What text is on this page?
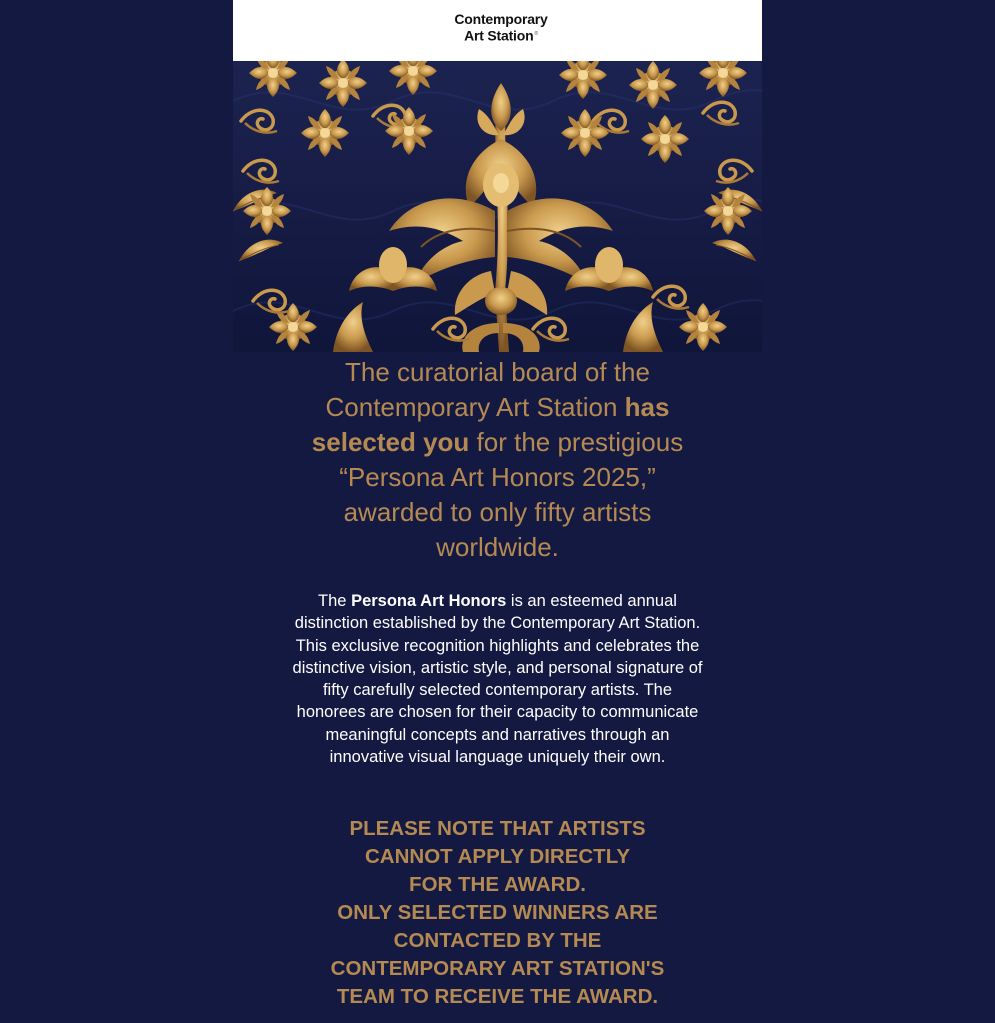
Contemporary
Art Station®
The curatorial board of the
Contemporary Art Station has
selected you for the prestigious
“Persona Art Honors 2025,”
awarded to only fifty artists
worldwide.
The Persona Art Honors is an esteemed annual distinction established by the Contemporary Art Station. This exclusive recognition highlights and celebrates the distinctive vision, artistic style, and personal signature of fifty carefully selected contemporary artists. The honorees are chosen for their capacity to communicate meaningful concepts and narratives through an innovative visual language uniquely their own.
PLEASE NOTE THAT ARTISTS
CANNOT APPLY DIRECTLY
FOR THE AWARD.
ONLY SELECTED WINNERS ARE
CONTACTED BY THE
CONTEMPORARY ART STATION'S
TEAM TO RECEIVE THE AWARD.
